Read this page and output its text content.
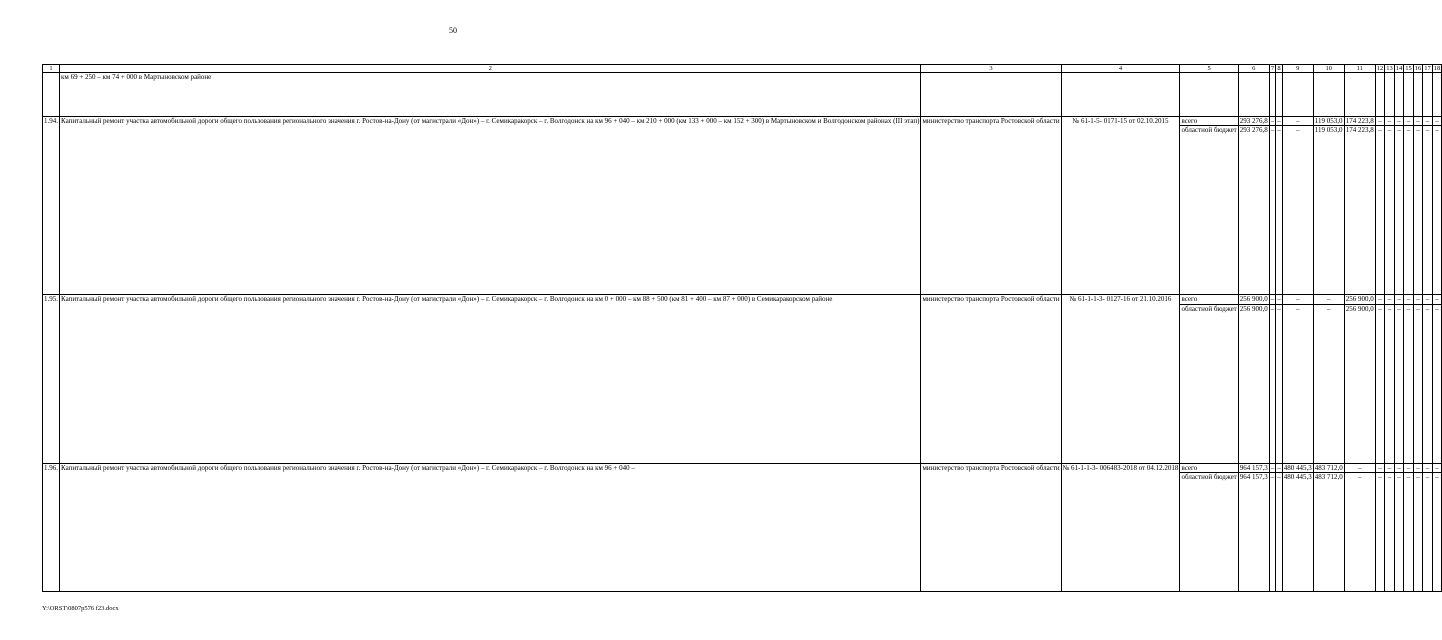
50
1	2	3	4	5	6	7	8	9	10	11	12	13	14	15	16	17	18
	км 69 + 250 – км 74 + 000 в Мартыновском районе																
1.94.	Капитальный ремонт участка автомобильной дороги общего пользования регионального значения г. Ростов-на-Дону (от магистрали «Дон») – г. Семикаракорск – г. Волгодонск на км 96 + 040 – км 210 + 000 (км 133 + 000 – км 152 + 300) в Мартыновском и Волгодонском районах (III этап)	министерство транспорта Ростовской области	№ 61-1-5- 0171-15 от 02.10.2015	всего	293 276,8	–	–	–	119 053,0	174 223,8	–	–	–	–	–	–	–
				областной бюджет	293 276,8	–	–	–	119 053,0	174 223,8	–	–	–	–	–	–	–
1.95.	Капитальный ремонт участка автомобильной дороги общего пользования регионального значения г. Ростов-на-Дону (от магистрали «Дон») – г. Семикаракорск – г. Волгодонск на км 0 + 000 – км 88 + 500 (км 81 + 400 – км 87 + 000) в Семикаракорском районе	министерство транспорта Ростовской области	№ 61-1-1-3- 0127-16 от 21.10.2016	всего	256 900,0	–	–	–	–	256 900,0	–	–	–	–	–	–	–
				областной бюджет	256 900,0	–	–	–	–	256 900,0	–	–	–	–	–	–	–
1.96.	Капитальный ремонт участка автомобильной дороги общего пользования регионального значения г. Ростов-на-Дону (от магистрали «Дон») – г. Семикаракорск – г. Волгодонск на км 96 + 040 –	министерство транспорта Ростовской области	№ 61-1-1-3- 006483-2018 от 04.12.2018	всего	964 157,3	–	–	480 445,3	483 712,0	–	–	–	–	–	–	–	–
				областной бюджет	964 157,3	–	–	480 445,3	483 712,0	–	–	–	–	–	–	–	–
Y:\ORST\0807p576 f23.docx
